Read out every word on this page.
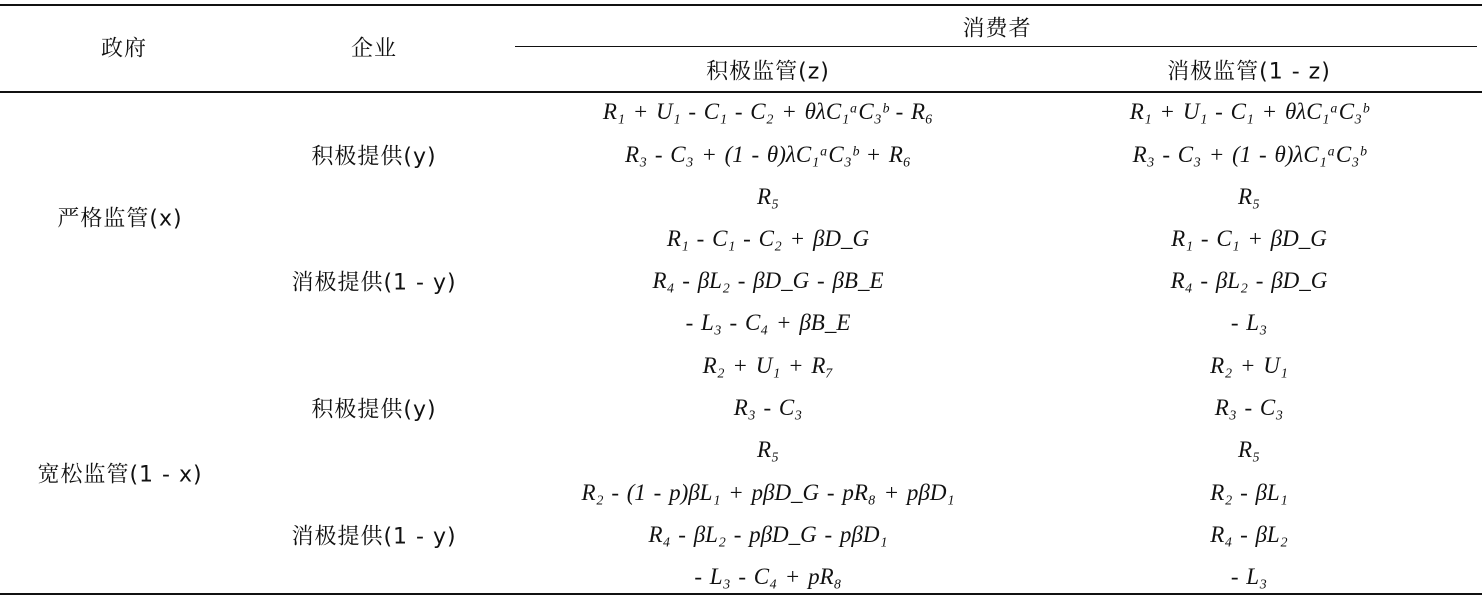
政府	企业
消费者
积极监管(z)	消极监管(1 - z)
严格监管(x)
宽松监管(1 - x)
积极提供(y)
消极提供(1 - y)
积极提供(y)
消极提供(1 - y)
R₁ + U₁ - C₁ - C₂ + θλC₁ᵃC₃ᵇ - R₆
R₃ - C₃ + (1 - θ)λC₁ᵃC₃ᵇ + R₆
R₅
R₁ + U₁ - C₁ + θλC₁ᵃC₃ᵇ
R₃ - C₃ + (1 - θ)λC₁ᵃC₃ᵇ
R₅
R₁ - C₁ - C₂ + βD_G
R₄ - βL₂ - βD_G - βB_E
- L₃ - C₄ + βB_E
R₁ - C₁ + βD_G
R₄ - βL₂ - βD_G
- L₃
R₂ + U₁ + R₇
R₃ - C₃
R₅
R₂ + U₁
R₃ - C₃
R₅
R₂ - (1 - p)βL₁ + pβD_G - pR₈ + pβD₁
R₄ - βL₂ - pβD_G - pβD₁
- L₃ - C₄ + pR₈
R₂ - βL₁
R₄ - βL₂
- L₃
